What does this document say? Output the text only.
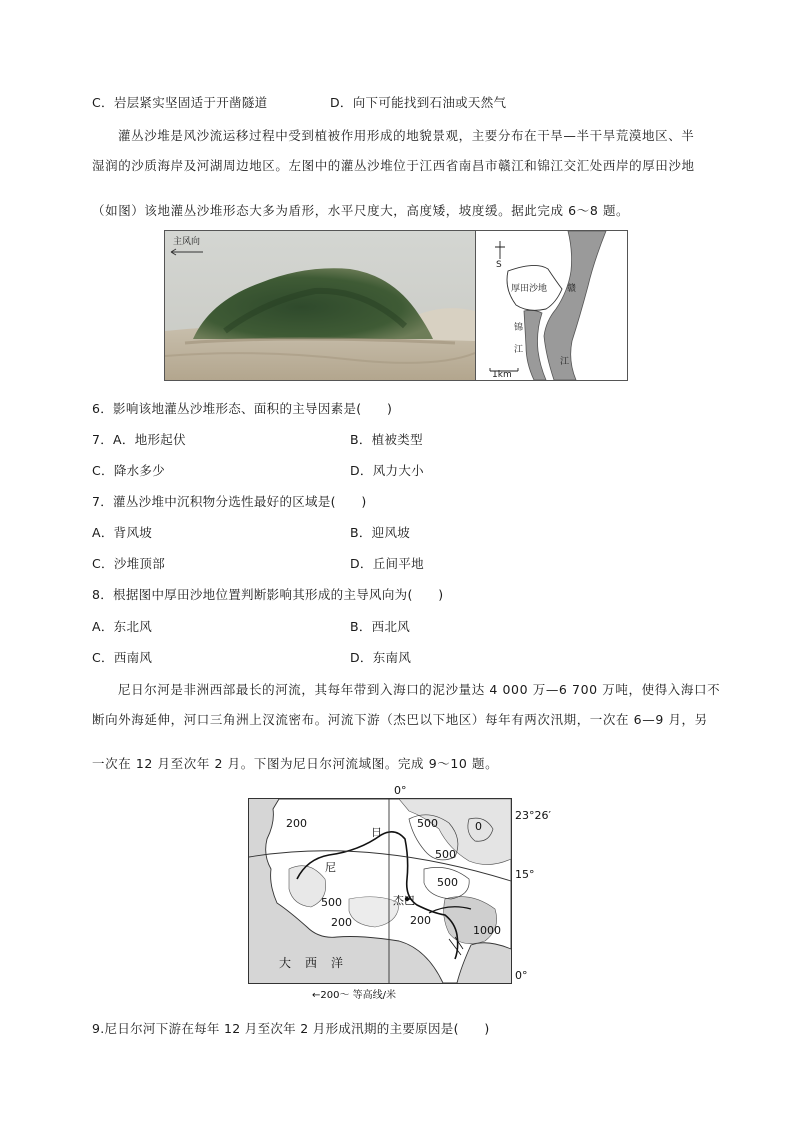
C．岩层紧实坚固适于开凿隧道	D．向下可能找到石油或天然气
灌丛沙堆是风沙流运移过程中受到植被作用形成的地貌景观，主要分布在干旱—半干旱荒漠地区、半
湿润的沙质海岸及河湖周边地区。左图中的灌丛沙堆位于江西省南昌市赣江和锦江交汇处西岸的厚田沙地
（如图）该地灌丛沙堆形态大多为盾形，水平尺度大，高度矮，坡度缓。据此完成 6～8 题。
主风向
S
厚田沙地 赣
锦
江
江
1km
6．影响该地灌丛沙堆形态、面积的主导因素是(　　)
7．A．地形起伏	B．植被类型
C．降水多少	D．风力大小
7．灌丛沙堆中沉积物分选性最好的区域是(　　)
A．背风坡	B．迎风坡
C．沙堆顶部	D．丘间平地
8．根据图中厚田沙地位置判断影响其形成的主导风向为(　　)
A．东北风	B．西北风
C．西南风	D．东南风
尼日尔河是非洲西部最长的河流，其每年带到入海口的泥沙量达 4 000 万—6 700 万吨，使得入海口不
断向外海延伸，河口三角洲上汊流密布。河流下游（杰巴以下地区）每年有两次汛期，一次在 6—9 月，另
一次在 12 月至次年 2 月。下图为尼日尔河流域图。完成 9～10 题。
0°
200
日
500	0
500
尼
500
500	杰巴
200	200
1000
大　西　洋
23°26′
15°
0°
←200～ 等高线/米
9.尼日尔河下游在每年 12 月至次年 2 月形成汛期的主要原因是(　　)
